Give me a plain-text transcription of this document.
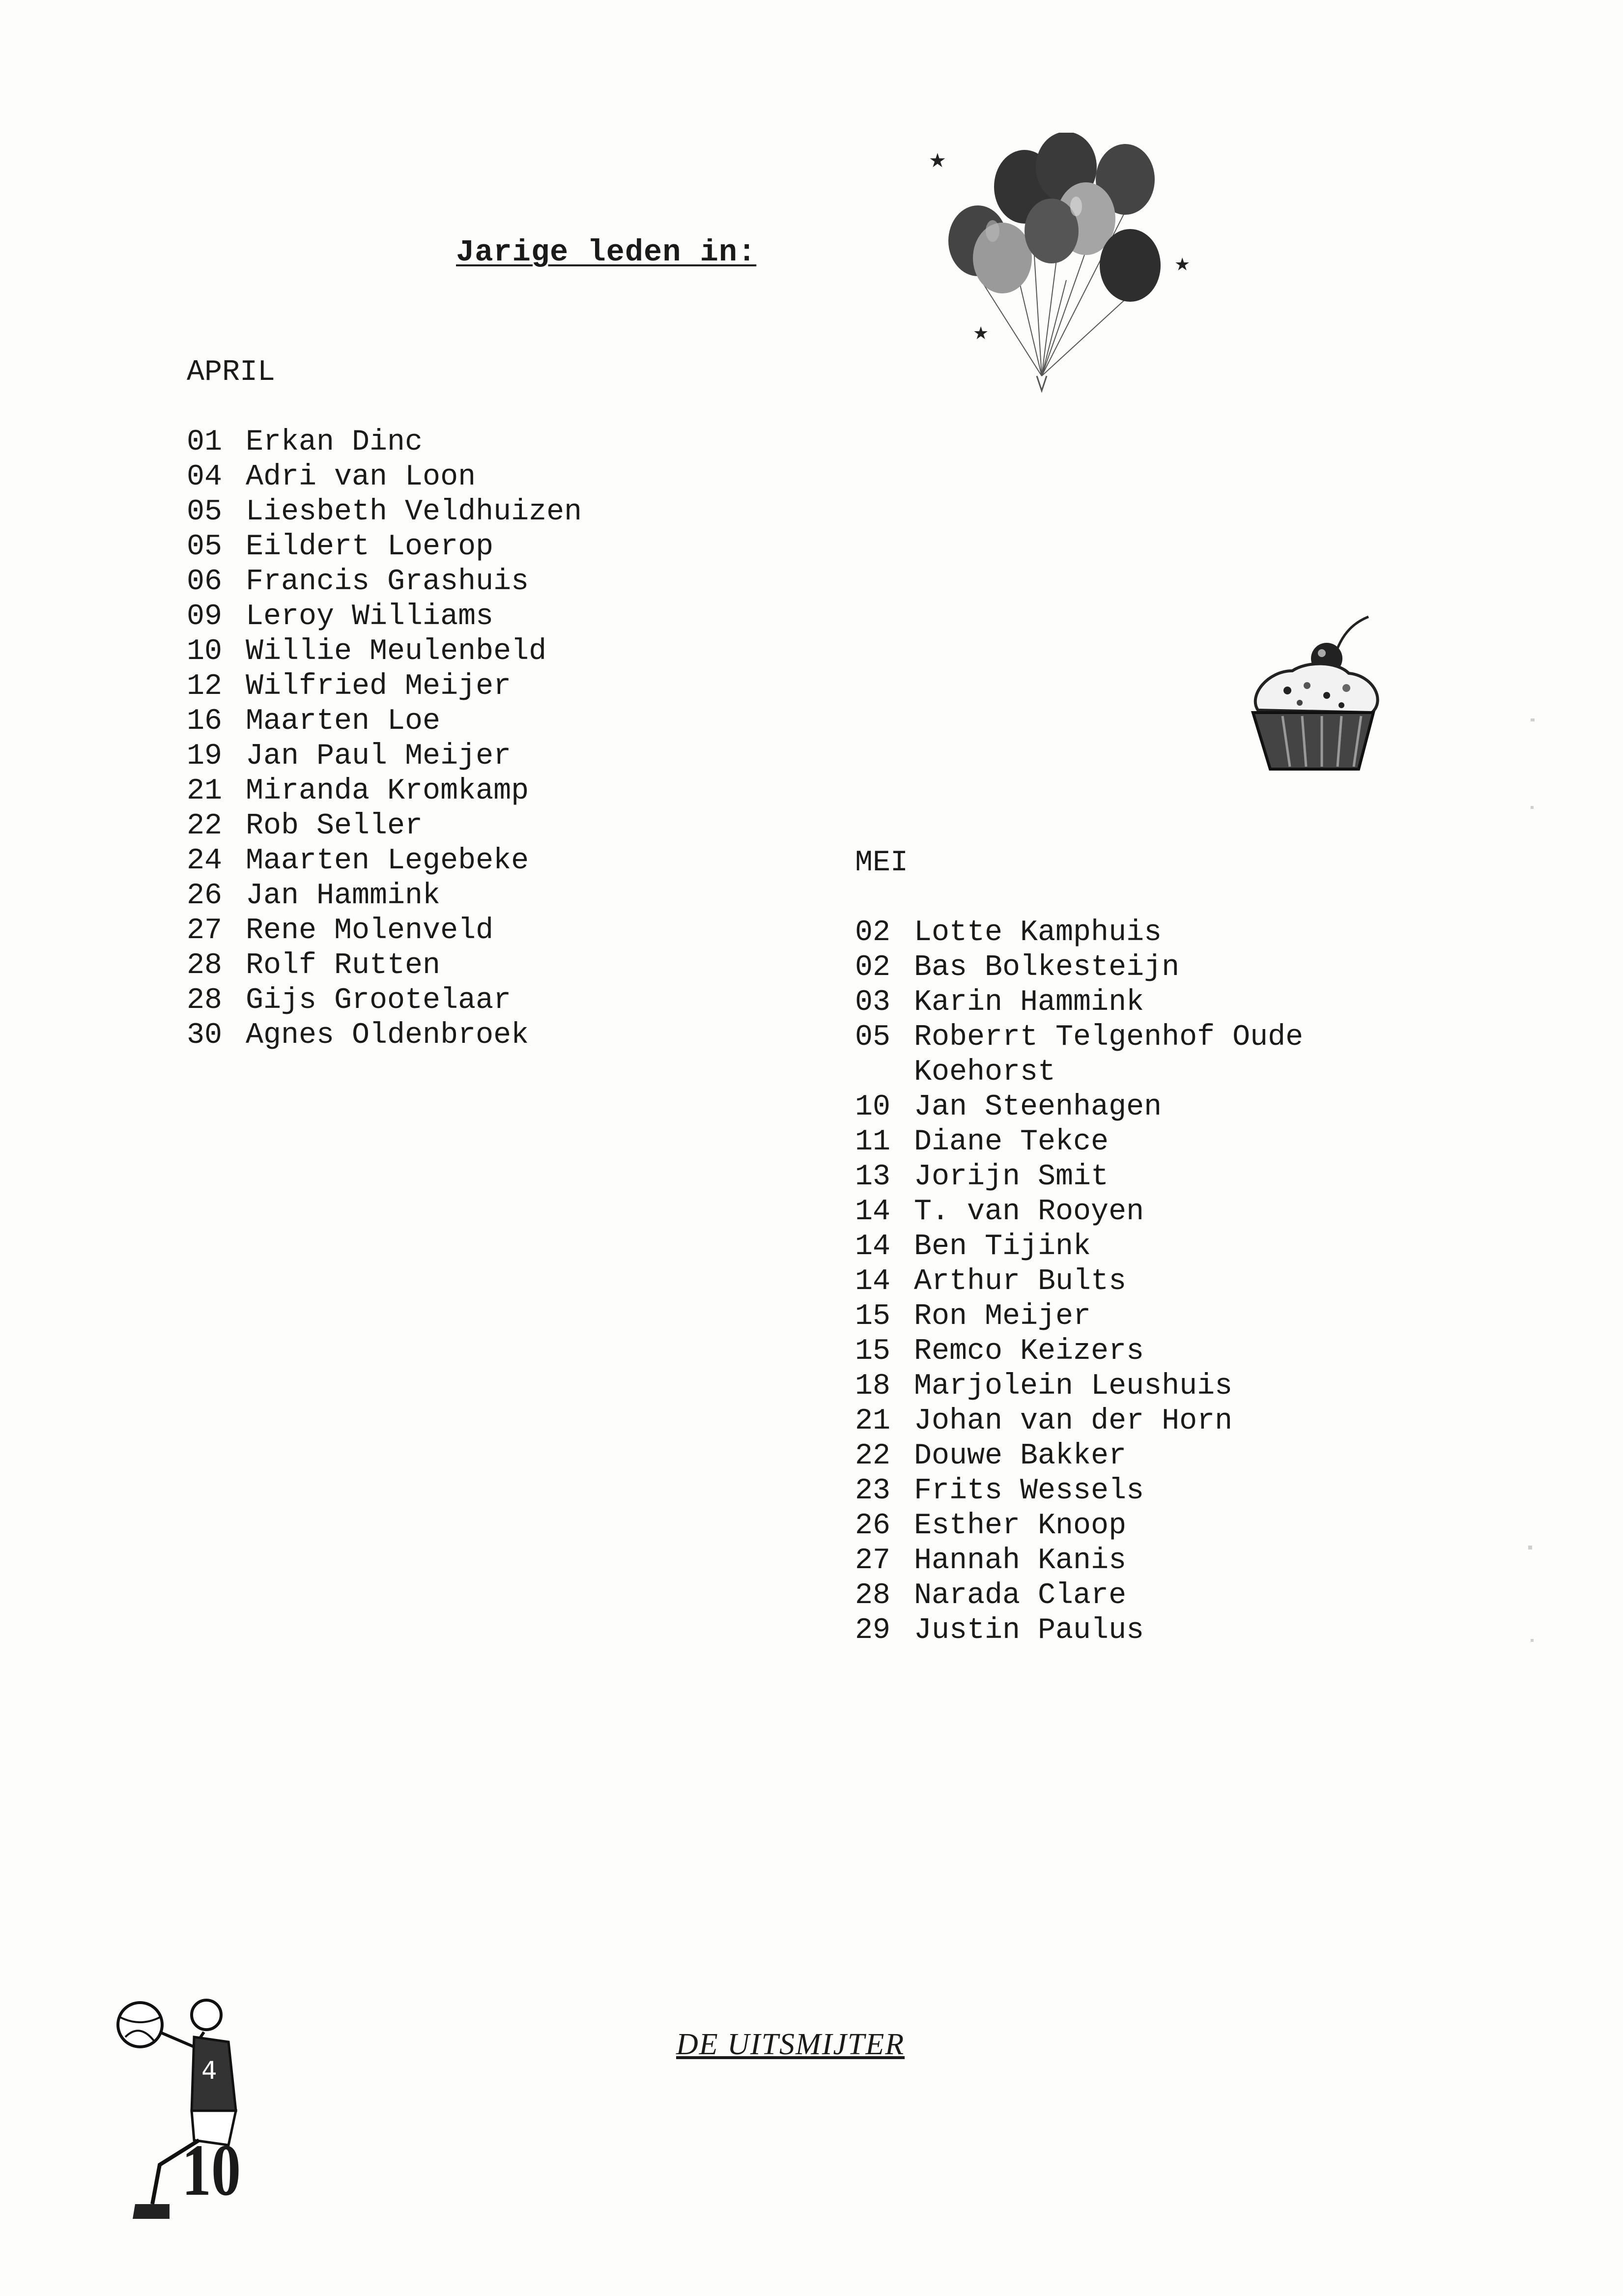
Jarige leden in:
★
★
★
APRIL
01 Erkan Dinc
04 Adri van Loon
05 Liesbeth Veldhuizen
05 Eildert Loerop
06 Francis Grashuis
09 Leroy Williams
10 Willie Meulenbeld
12 Wilfried Meijer
16 Maarten Loe
19 Jan Paul Meijer
21 Miranda Kromkamp
22 Rob Seller
24 Maarten Legebeke
26 Jan Hammink
27 Rene Molenveld
28 Rolf Rutten
28 Gijs Grootelaar
30 Agnes Oldenbroek
MEI
02 Lotte Kamphuis
02 Bas Bolkesteijn
03 Karin Hammink
05 Roberrt Telgenhof Oude Koehorst
10 Jan Steenhagen
11 Diane Tekce
13 Jorijn Smit
14 T. van Rooyen
14 Ben Tijink
14 Arthur Bults
15 Ron Meijer
15 Remco Keizers
18 Marjolein Leushuis
21 Johan van der Horn
22 Douwe Bakker
23 Frits Wessels
26 Esther Knoop
27 Hannah Kanis
28 Narada Clare
29 Justin Paulus
4
10
DE UITSMIJTER
